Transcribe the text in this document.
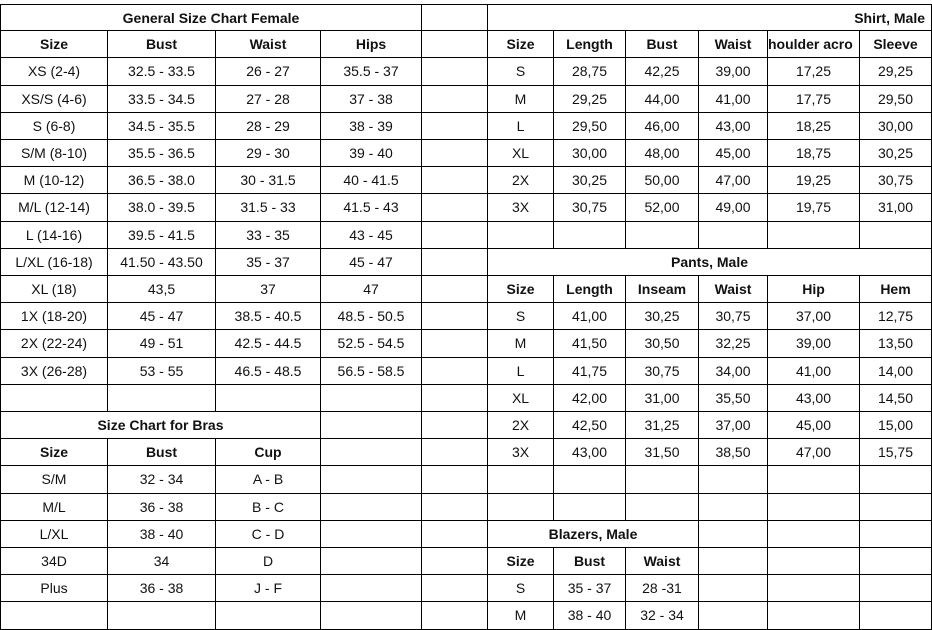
General Size Chart Female
Size	Bust	Waist	Hips
XS (2-4)	32.5 - 33.5	26 - 27	35.5 - 37
XS/S (4-6)	33.5 - 34.5	27 - 28	37 - 38
S (6-8)	34.5 - 35.5	28 - 29	38 - 39
S/M (8-10)	35.5 - 36.5	29 - 30	39 - 40
M (10-12)	36.5 - 38.0	30 - 31.5	40 - 41.5
M/L (12-14)	38.0 - 39.5	31.5 - 33	41.5 - 43
L (14-16)	39.5 - 41.5	33 - 35	43 - 45
L/XL (16-18)	41.50 - 43.50	35 - 37	45 - 47
XL (18)	43,5	37	47
1X (18-20)	45 - 47	38.5 - 40.5	48.5 - 50.5
2X (22-24)	49 - 51	42.5 - 44.5	52.5 - 54.5
3X (26-28)	53 - 55	46.5 - 48.5	56.5 - 58.5
Size Chart for Bras
Size	Bust	Cup
S/M	32 - 34	A - B
M/L	36 - 38	B - C
L/XL	38 - 40	C - D
34D	34	D
Plus	36 - 38	J - F
Shirt, Male
Size	Length	Bust	Waist	houlder acro	Sleeve
S	28,75	42,25	39,00	17,25	29,25
M	29,25	44,00	41,00	17,75	29,50
L	29,50	46,00	43,00	18,25	30,00
XL	30,00	48,00	45,00	18,75	30,25
2X	30,25	50,00	47,00	19,25	30,75
3X	30,75	52,00	49,00	19,75	31,00
Pants, Male
Size	Length	Inseam	Waist	Hip	Hem
S	41,00	30,25	30,75	37,00	12,75
M	41,50	30,50	32,25	39,00	13,50
L	41,75	30,75	34,00	41,00	14,00
XL	42,00	31,00	35,50	43,00	14,50
2X	42,50	31,25	37,00	45,00	15,00
3X	43,00	31,50	38,50	47,00	15,75
Blazers, Male
Size	Bust	Waist
S	35 - 37	28 -31
M	38 - 40	32 - 34
